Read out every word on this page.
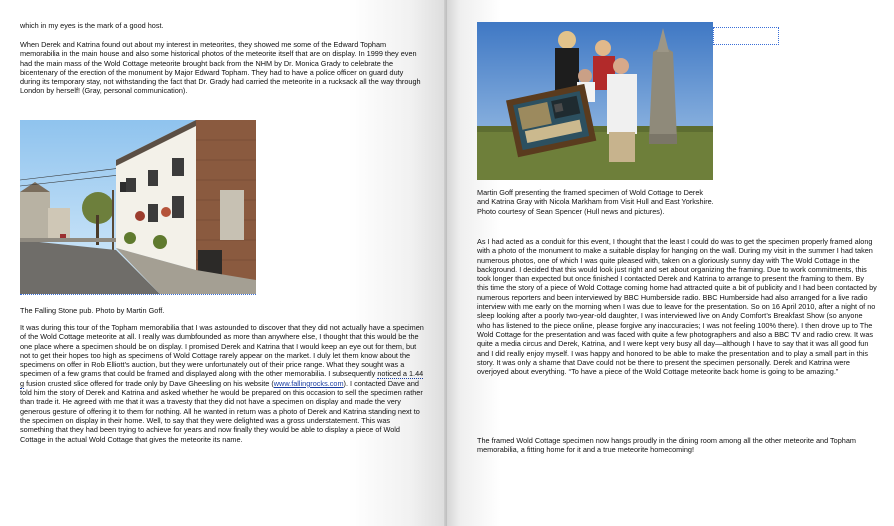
which in my eyes is the mark of a good host.

When Derek and Katrina found out about my interest in meteorites, they showed me some of the Edward Topham memorabilia in the main house and also some historical photos of the meteorite itself that are on display. In 1999 they even had the main mass of the Wold Cottage meteorite brought back from the NHM by Dr. Monica Grady to celebrate the bicentenary of the erection of the monument by Major Edward Topham. They had to have a police officer on guard duty during its temporary stay, not withstanding the fact that Dr. Grady had carried the meteorite in a rucksack all the way through London by herself! (Gray, personal communication).

The Falling Stone pub. Photo by Martin Goff.

It was during this tour of the Topham memorabilia that I was astounded to discover that they did not actually have a specimen of the Wold Cottage meteorite at all. I really was dumbfounded as more than anywhere else, I thought that this would be the one place where a specimen should be on display. I promised Derek and Katrina that I would keep an eye out for them, but not to get their hopes too high as specimens of Wold Cottage rarely appear on the market. I duly let them know about the specimens on offer in Rob Elliott’s auction, but they were unfortunately out of their price range. What they sought was a specimen of a few grams that could be framed and displayed along with the other memorabilia. I subsequently noticed a 1.44 g fusion crusted slice offered for trade only by Dave Gheesling on his website (www.fallingrocks.com). I contacted Dave and told him the story of Derek and Katrina and asked whether he would be prepared on this occasion to sell the specimen rather than trade it. He agreed with me that it was a travesty that they did not have a specimen on display and made the very generous gesture of offering it to them for nothing. All he wanted in return was a photo of Derek and Katrina standing next to the specimen on display in their home. Well, to say that they were delighted was a gross understatement. This was something that they had been trying to achieve for years and now finally they would be able to display a piece of Wold Cottage in the actual Wold Cottage that gives the meteorite its name.

Martin Goff presenting the framed specimen of Wold Cottage to Derek and Katrina Gray with Nicola Markham from Visit Hull and East Yorkshire. Photo courtesy of Sean Spencer (Hull news and pictures).

As I had acted as a conduit for this event, I thought that the least I could do was to get the specimen properly framed along with a photo of the monument to make a suitable display for hanging on the wall. During my visit in the summer I had taken numerous photos, one of which I was quite pleased with, taken on a gloriously sunny day with The Wold Cottage in the background. I decided that this would look just right and set about organizing the framing. Due to work commitments, this took longer than expected but once finished I contacted Derek and Katrina to arrange to present the framing to them. By this time the story of a piece of Wold Cottage coming home had attracted quite a bit of publicity and I had been contacted by numerous reporters and been interviewed by BBC Humberside radio. BBC Humberside had also arranged for a live radio interview with me early on the morning when I was due to leave for the presentation. So on 16 April 2010, after a night of no sleep looking after a poorly two-year-old daughter, I was interviewed live on Andy Comfort’s Breakfast Show (so anyone who has listened to the piece online, please forgive any inaccuracies; I was not feeling 100% there). I then drove up to The Wold Cottage for the presentation and was faced with quite a few photographers and also a BBC TV and radio crew. It was quite a media circus and Derek, Katrina, and I were kept very busy all day—although I have to say that it was all good fun and I did really enjoy myself. I was happy and honored to be able to make the presentation and to play a small part in this story. It was only a shame that Dave could not be there to present the specimen personally. Derek and Katrina were overjoyed about everything. “To have a piece of the Wold Cottage meteorite back home is going to be amazing.”

The framed Wold Cottage specimen now hangs proudly in the dining room among all the other meteorite and Topham memorabilia, a fitting home for it and a true meteorite homecoming!
